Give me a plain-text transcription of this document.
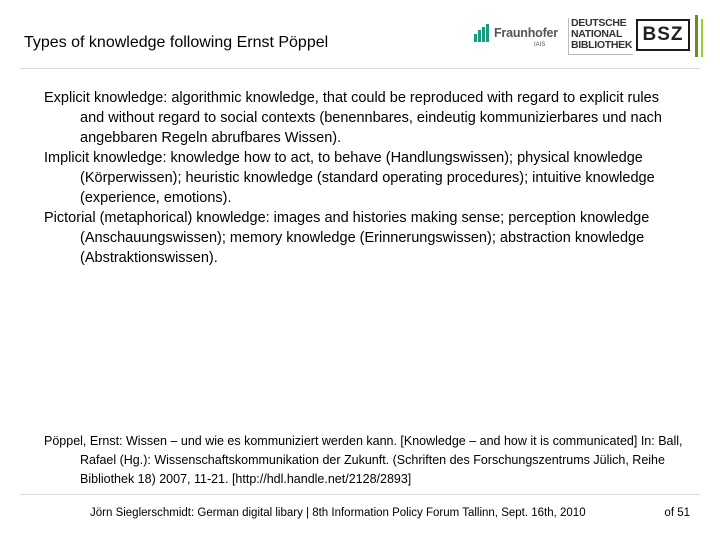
Types of knowledge following Ernst Pöppel
Fraunhofer
IAIS
DEUTSCHE
NATIONAL
BIBLIOTHEK BSZ

Explicit knowledge: algorithmic knowledge, that could be reproduced with regard to explicit rules and without regard to social contexts (benennbares, eindeutig kommunizierbares und nach angebbaren Regeln abrufbares Wissen).

Implicit knowledge: knowledge how to act, to behave (Handlungswissen); physical knowledge (Körperwissen); heuristic knowledge (standard operating procedures); intuitive knowledge (experience, emotions).

Pictorial (metaphorical) knowledge: images and histories making sense; perception knowledge (Anschauungswissen); memory knowledge (Erinnerungswissen); abstraction knowledge (Abstraktionswissen).

Pöppel, Ernst: Wissen – und wie es kommuniziert werden kann. [Knowledge – and how it is communicated] In: Ball, Rafael (Hg.): Wissenschaftskommunikation der Zukunft. (Schriften des Forschungszentrums Jülich, Reihe Bibliothek 18) 2007, 11-21. [http://hdl.handle.net/2128/2893]
Jörn Sieglerschmidt: German digital libary | 8th Information Policy Forum Tallinn, Sept. 16th, 2010	of 51
